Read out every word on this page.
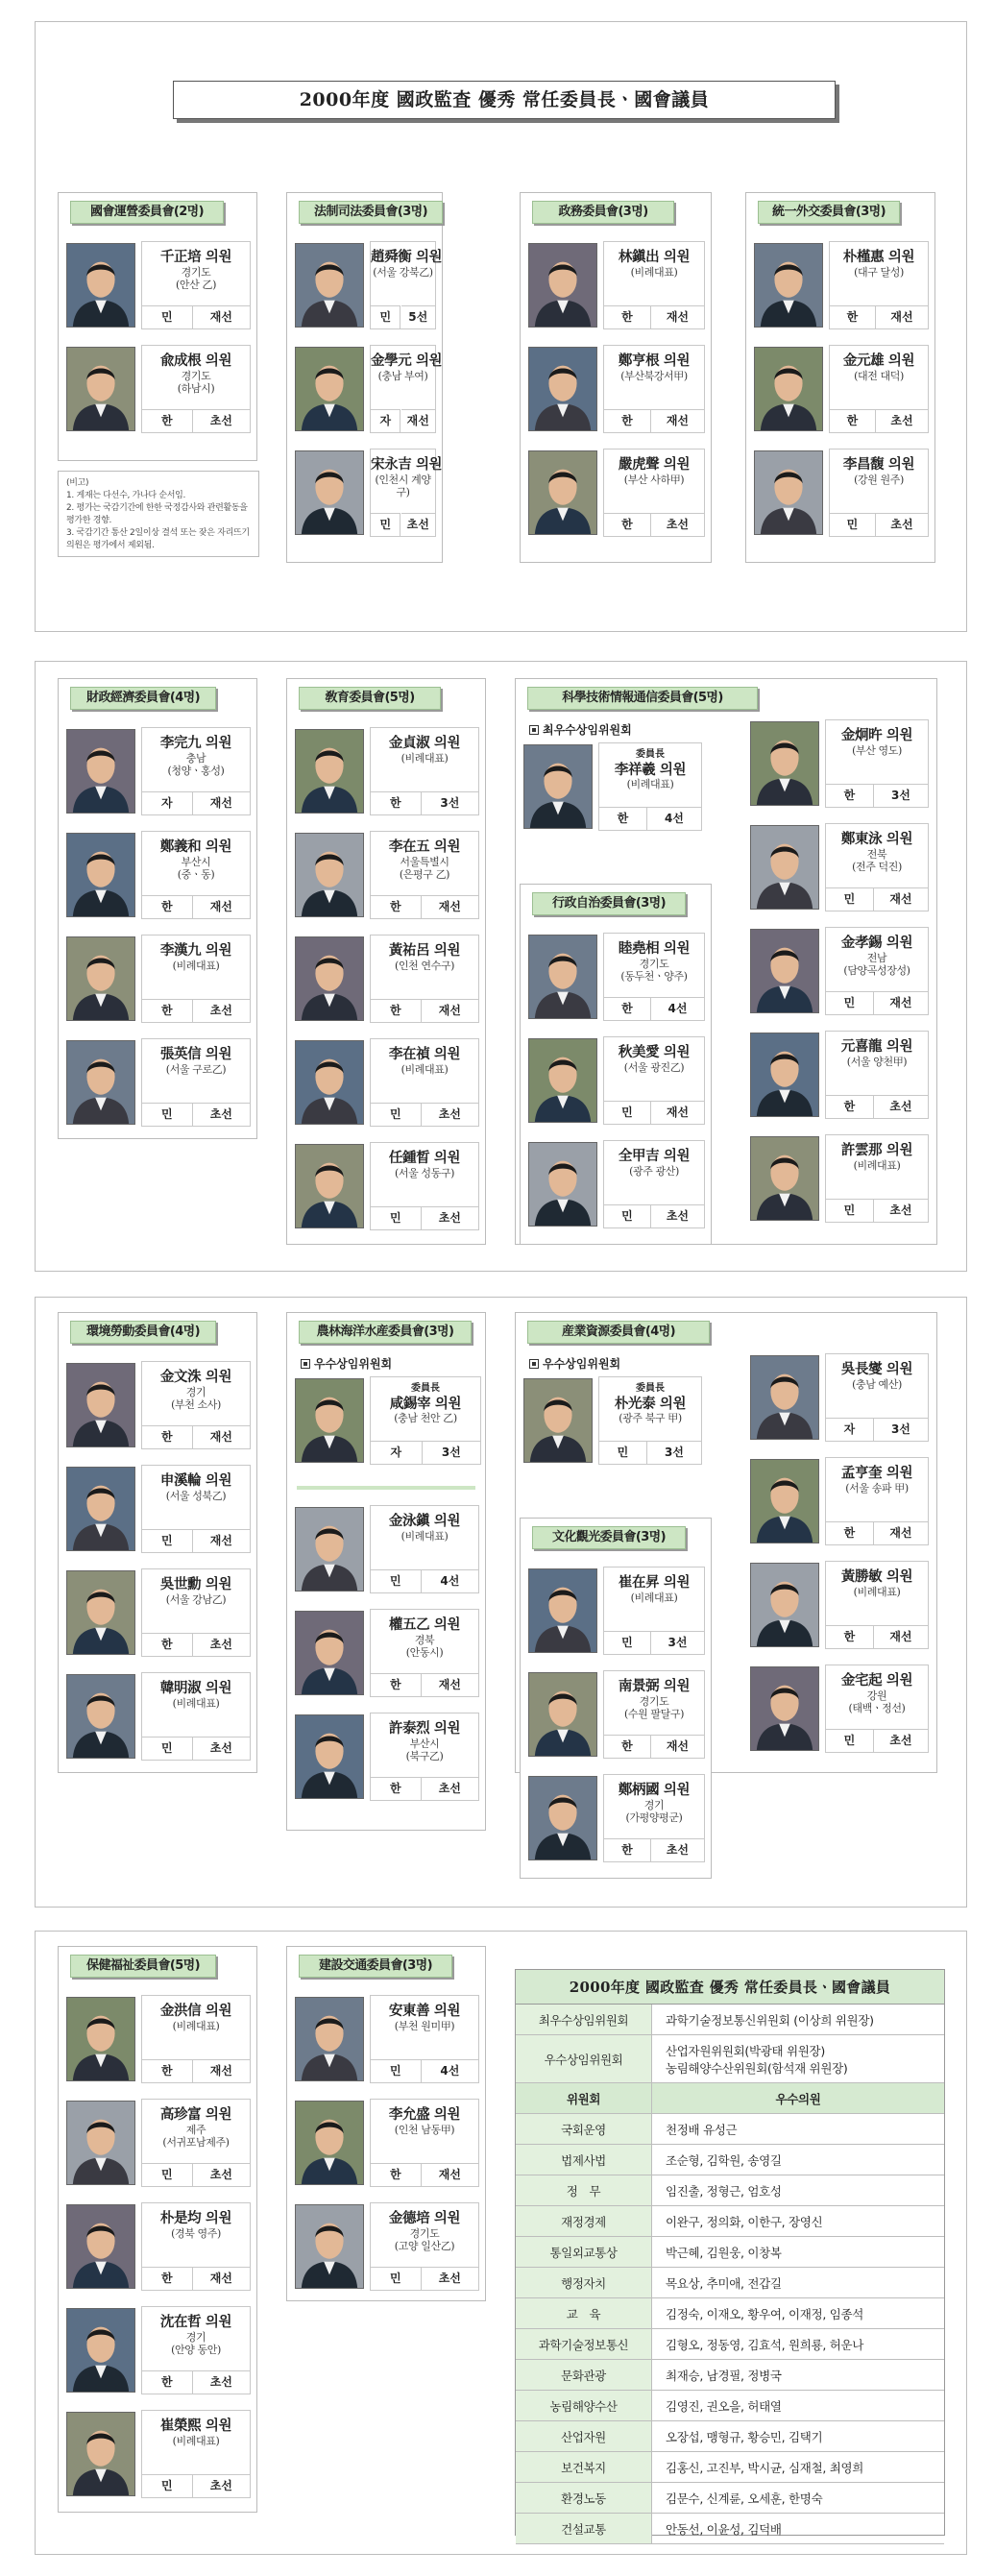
2000年度 國政監査 優秀 常任委員長ㆍ國會議員
國會運營委員會(2명)
千正培 의원
경기도
(안산 乙)
민	재선
兪成根 의원
경기도
(하남시)
한	초선
法制司法委員會(3명)
趙舜衡 의원
(서울 강북乙)
민	5선
金學元 의원
(충남 부여)
자	재선
宋永吉 의원
(인천시 계양구)
민	초선
政務委員會(3명)
林鎭出 의원
(비례대표)
한	재선
鄭亨根 의원
(부산북강서甲)
한	재선
嚴虎聲 의원
(부산 사하甲)
한	초선
統一外交委員會(3명)
朴槿惠 의원
(대구 달성)
한	재선
金元雄 의원
(대전 대덕)
한	초선
李昌馥 의원
(강원 원주)
민	초선
財政經濟委員會(4명)
李完九 의원
충남
(청양ㆍ홍성)
자	재선
鄭義和 의원
부산시
(중ㆍ동)
한	재선
李漢九 의원
(비례대표)
한	초선
張英信 의원
(서울 구로乙)
민	초선
敎育委員會(5명)
金貞淑 의원
(비례대표)
한	3선
李在五 의원
서울특별시
(은평구 乙)
한	재선
黃祐呂 의원
(인천 연수구)
한	재선
李在禎 의원
(비례대표)
민	초선
任鍾晳 의원
(서울 성동구)
민	초선
科學技術情報通信委員會(5명)
최우수상임위원회
委員長
李祥羲 의원
(비례대표)
한	4선
金炯旿 의원
(부산 영도)
한	3선
鄭東泳 의원
전북
(전주 덕진)
민	재선
金孝錫 의원
전남
(담양곡성장성)
민	재선
元喜龍 의원
(서울 양천甲)
한	초선
許雲那 의원
(비례대표)
민	초선
行政自治委員會(3명)
睦堯相 의원
경기도
(동두천ㆍ양주)
한	4선
秋美愛 의원
(서울 광진乙)
민	재선
全甲吉 의원
(광주 광산)
민	초선
環境勞動委員會(4명)
金文洙 의원
경기
(부천 소사)
한	재선
申溪輪 의원
(서울 성북乙)
민	재선
吳世勳 의원
(서울 강남乙)
한	초선
韓明淑 의원
(비례대표)
민	초선
農林海洋水産委員會(3명)
우수상임위원회
委員長
咸錫宰 의원
(충남 천안 乙)
자	3선
金泳鎭 의원
(비례대표)
민	4선
權五乙 의원
경북
(안동시)
한	재선
許泰烈 의원
부산시
(북구乙)
한	초선
産業資源委員會(4명)
우수상임위원회
委員長
朴光泰 의원
(광주 북구 甲)
민	3선
吳長燮 의원
(충남 예산)
자	3선
孟亨奎 의원
(서울 송파 甲)
한	재선
黃勝敏 의원
(비례대표)
한	재선
金宅起 의원
강원
(태백ㆍ정선)
민	초선
文化觀光委員會(3명)
崔在昇 의원
(비례대표)
민	3선
南景弼 의원
경기도
(수원 팔달구)
한	재선
鄭柄國 의원
경기
(가평양평군)
한	초선
保健福祉委員會(5명)
金洪信 의원
(비례대표)
한	재선
高珍富 의원
제주
(서귀포남제주)
민	초선
朴是均 의원
(경북 영주)
한	재선
沈在哲 의원
경기
(안양 동안)
한	초선
崔榮熙 의원
(비례대표)
민	초선
建設交通委員會(3명)
安東善 의원
(부천 원미甲)
민	4선
李允盛 의원
(인천 남동甲)
한	재선
金德培 의원
경기도
(고양 일산乙)
민	초선
(비고)
1. 게재는 다선수, 가나다 순서임.
2. 평가는 국감기간에 한한 국정감사와 관련활동을 평가한 경향.
3. 국감기간 통산 2일이상 결석 또는 잦은 자리뜨기 의원은 평가에서 제외됨.
2000年度 國政監査 優秀 常任委員長ㆍ國會議員
최우수상임위원회	과학기술정보통신위원회 (이상희 위원장)
우수상임위원회
산업자원위원회(박광태 위원장)
농림해양수산위원회(함석재 위원장)
위원회	우수의원
국회운영	천정배 유성근
법제사법	조순형, 김학원, 송영길
정　무	임진출, 정형근, 엄호성
재정경제	이완구, 정의화, 이한구, 장영신
통일외교통상	박근혜, 김원웅, 이창복
행정자치	목요상, 추미애, 전갑길
교　육	김정숙, 이재오, 황우여, 이재정, 임종석
과학기술정보통신	김형오, 정동영, 김효석, 원희룡, 허운나
문화관광	최재승, 남경필, 정병국
농림해양수산	김영진, 권오을, 허태열
산업자원	오장섭, 맹형규, 황승민, 김택기
보건복지	김홍신, 고진부, 박시균, 심재철, 최영희
환경노동	김문수, 신계륜, 오세훈, 한명숙
건설교통	안동선, 이윤성, 김덕배
